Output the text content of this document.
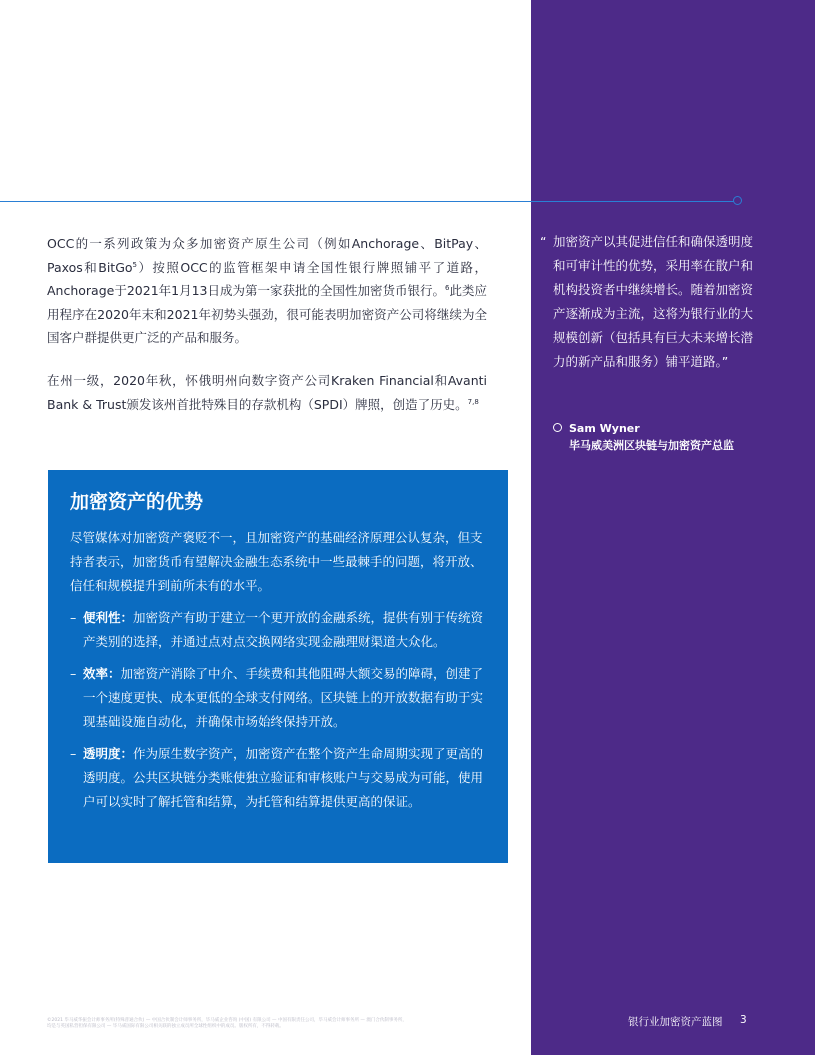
OCC的一系列政策为众多加密资产原生公司（例如Anchorage、BitPay、Paxos和BitGo$^5$）按照OCC的监管框架申请全国性银行牌照铺平了道路，Anchorage于2021年1月13日成为第一家获批的全国性加密货币银行。$^6$此类应用程序在2020年末和2021年初势头强劲，很可能表明加密资产公司将继续为全国客户群提供更广泛的产品和服务。
在州一级，2020年秋，怀俄明州向数字资产公司Kraken Financial和Avanti Bank & Trust颁发该州首批特殊目的存款机构（SPDI）牌照，创造了历史。$^{7,8}$
“ 加密资产以其促进信任和确保透明度和可审计性的优势，采用率在散户和机构投资者中继续增长。随着加密资产逐渐成为主流，这将为银行业的大规模创新（包括具有巨大未来增长潜力的新产品和服务）铺平道路。”
Sam Wyner
毕马威美洲区块链与加密资产总监
加密资产的优势
尽管媒体对加密资产褒贬不一，且加密资产的基础经济原理公认复杂，但支持者表示，加密货币有望解决金融生态系统中一些最棘手的问题，将开放、信任和规模提升到前所未有的水平。
– 便利性：加密资产有助于建立一个更开放的金融系统，提供有别于传统资产类别的选择，并通过点对点交换网络实现金融理财渠道大众化。
– 效率：加密资产消除了中介、手续费和其他阻碍大额交易的障碍，创建了一个速度更快、成本更低的全球支付网络。区块链上的开放数据有助于实现基础设施自动化，并确保市场始终保持开放。
– 透明度：作为原生数字资产，加密资产在整个资产生命周期实现了更高的透明度。公共区块链分类账使独立验证和审核账户与交易成为可能，使用户可以实时了解托管和结算，为托管和结算提供更高的保证。
©2021 毕马威华振会计师事务所(特殊普通合伙) — 中国合伙制会计师事务所，毕马威企业咨询 (中国) 有限公司 — 中国有限责任公司，毕马威会计师事务所 — 澳门合伙制事务所，均是与英国私营担保有限公司 — 毕马威国际有限公司相关联的独立成员所全球性组织中的成员。版权所有，不得转载。	银行业加密资产蓝图 3
